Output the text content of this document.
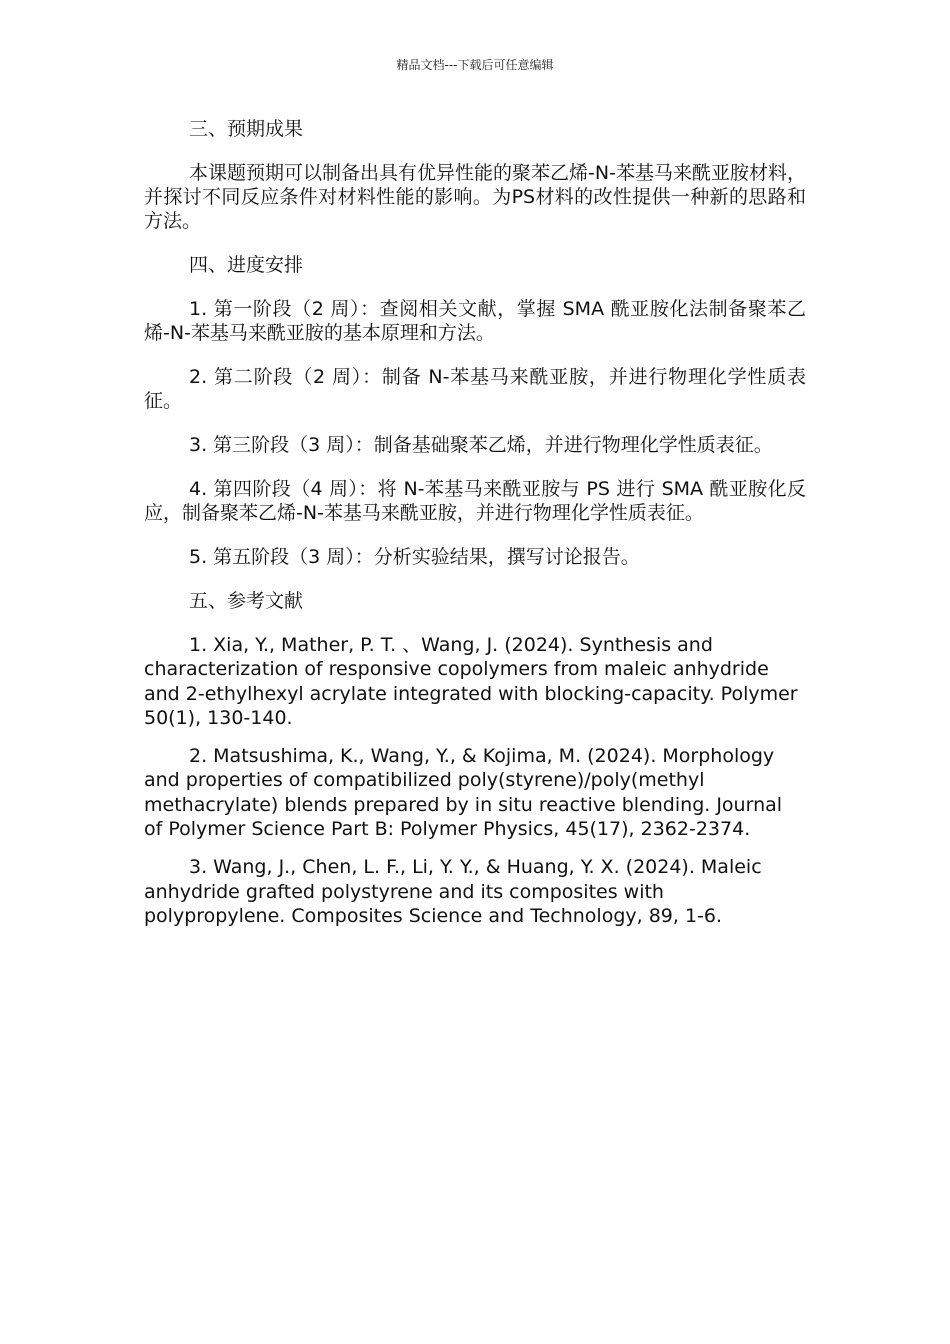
精品文档---下载后可任意编辑

三、预期成果

本课题预期可以制备出具有优异性能的聚苯乙烯-N-苯基马来酰亚胺材料，并探讨不同反应条件对材料性能的影响。为PS材料的改性提供一种新的思路和方法。

四、进度安排

1. 第一阶段（2 周）：查阅相关文献，掌握 SMA 酰亚胺化法制备聚苯乙烯-N-苯基马来酰亚胺的基本原理和方法。

2. 第二阶段（2 周）：制备 N-苯基马来酰亚胺，并进行物理化学性质表征。

3. 第三阶段（3 周）：制备基础聚苯乙烯，并进行物理化学性质表征。

4. 第四阶段（4 周）：将 N-苯基马来酰亚胺与 PS 进行 SMA 酰亚胺化反应，制备聚苯乙烯-N-苯基马来酰亚胺，并进行物理化学性质表征。

5. 第五阶段（3 周）：分析实验结果，撰写讨论报告。

五、参考文献

1. Xia, Y., Mather, P. T. 、Wang, J. (2024). Synthesis and characterization of responsive copolymers from maleic anhydride and 2-ethylhexyl acrylate integrated with blocking-capacity. Polymer 50(1), 130-140.

2. Matsushima, K., Wang, Y., & Kojima, M. (2024). Morphology and properties of compatibilized poly(styrene)/poly(methyl methacrylate) blends prepared by in situ reactive blending. Journal of Polymer Science Part B: Polymer Physics, 45(17), 2362-2374.

3. Wang, J., Chen, L. F., Li, Y. Y., & Huang, Y. X. (2024). Maleic anhydride grafted polystyrene and its composites with polypropylene. Composites Science and Technology, 89, 1-6.
